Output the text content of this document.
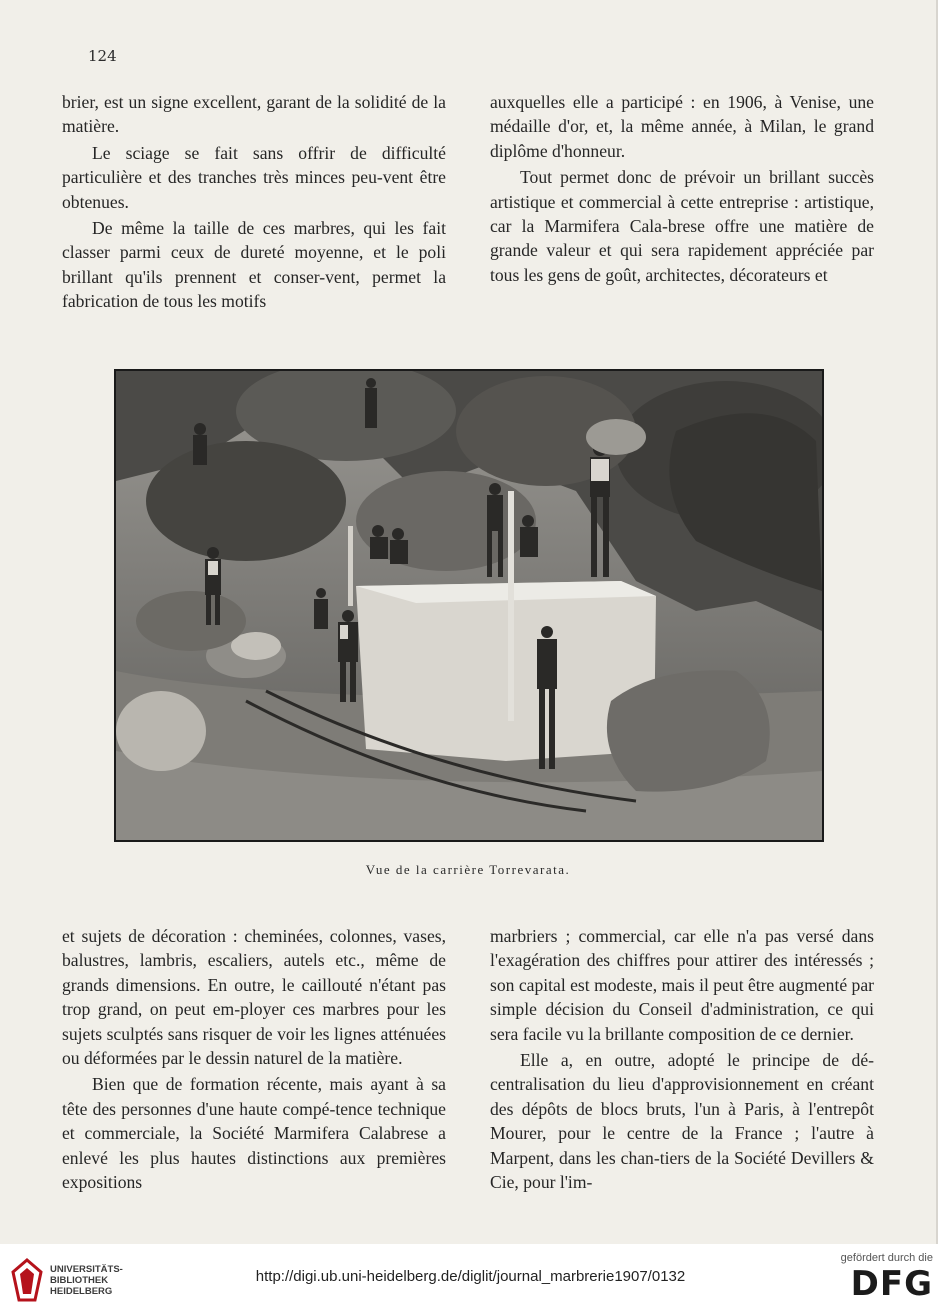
124

brier, est un signe excellent, garant de la solidité de la matière.

Le sciage se fait sans offrir de difficulté particulière et des tranches très minces peu-vent être obtenues.

De même la taille de ces marbres, qui les fait classer parmi ceux de dureté moyenne, et le poli brillant qu'ils prennent et conser-vent, permet la fabrication de tous les motifs

auxquelles elle a participé : en 1906, à Venise, une médaille d'or, et, la même année, à Milan, le grand diplôme d'honneur.

Tout permet donc de prévoir un brillant succès artistique et commercial à cette entreprise : artistique, car la Marmifera Cala-brese offre une matière de grande valeur et qui sera rapidement appréciée par tous les gens de goût, architectes, décorateurs et

Vue de la carrière Torrevarata.

et sujets de décoration : cheminées, colonnes, vases, balustres, lambris, escaliers, autels etc., même de grands dimensions. En outre, le caillouté n'étant pas trop grand, on peut em-ployer ces marbres pour les sujets sculptés sans risquer de voir les lignes atténuées ou déformées par le dessin naturel de la matière.

Bien que de formation récente, mais ayant à sa tête des personnes d'une haute compé-tence technique et commerciale, la Société Marmifera Calabrese a enlevé les plus hautes distinctions aux premières expositions

marbriers ; commercial, car elle n'a pas versé dans l'exagération des chiffres pour attirer des intéressés ; son capital est modeste, mais il peut être augmenté par simple décision du Conseil d'administration, ce qui sera facile vu la brillante composition de ce dernier.

Elle a, en outre, adopté le principe de dé-centralisation du lieu d'approvisionnement en créant des dépôts de blocs bruts, l'un à Paris, à l'entrepôt Mourer, pour le centre de la France ; l'autre à Marpent, dans les chan-tiers de la Société Devillers & Cie, pour l'im-

UNIVERSITÄTS-
BIBLIOTHEK
HEIDELBERG
http://digi.ub.uni-heidelberg.de/diglit/journal_marbrerie1907/0132
gefördert durch die
DFG
